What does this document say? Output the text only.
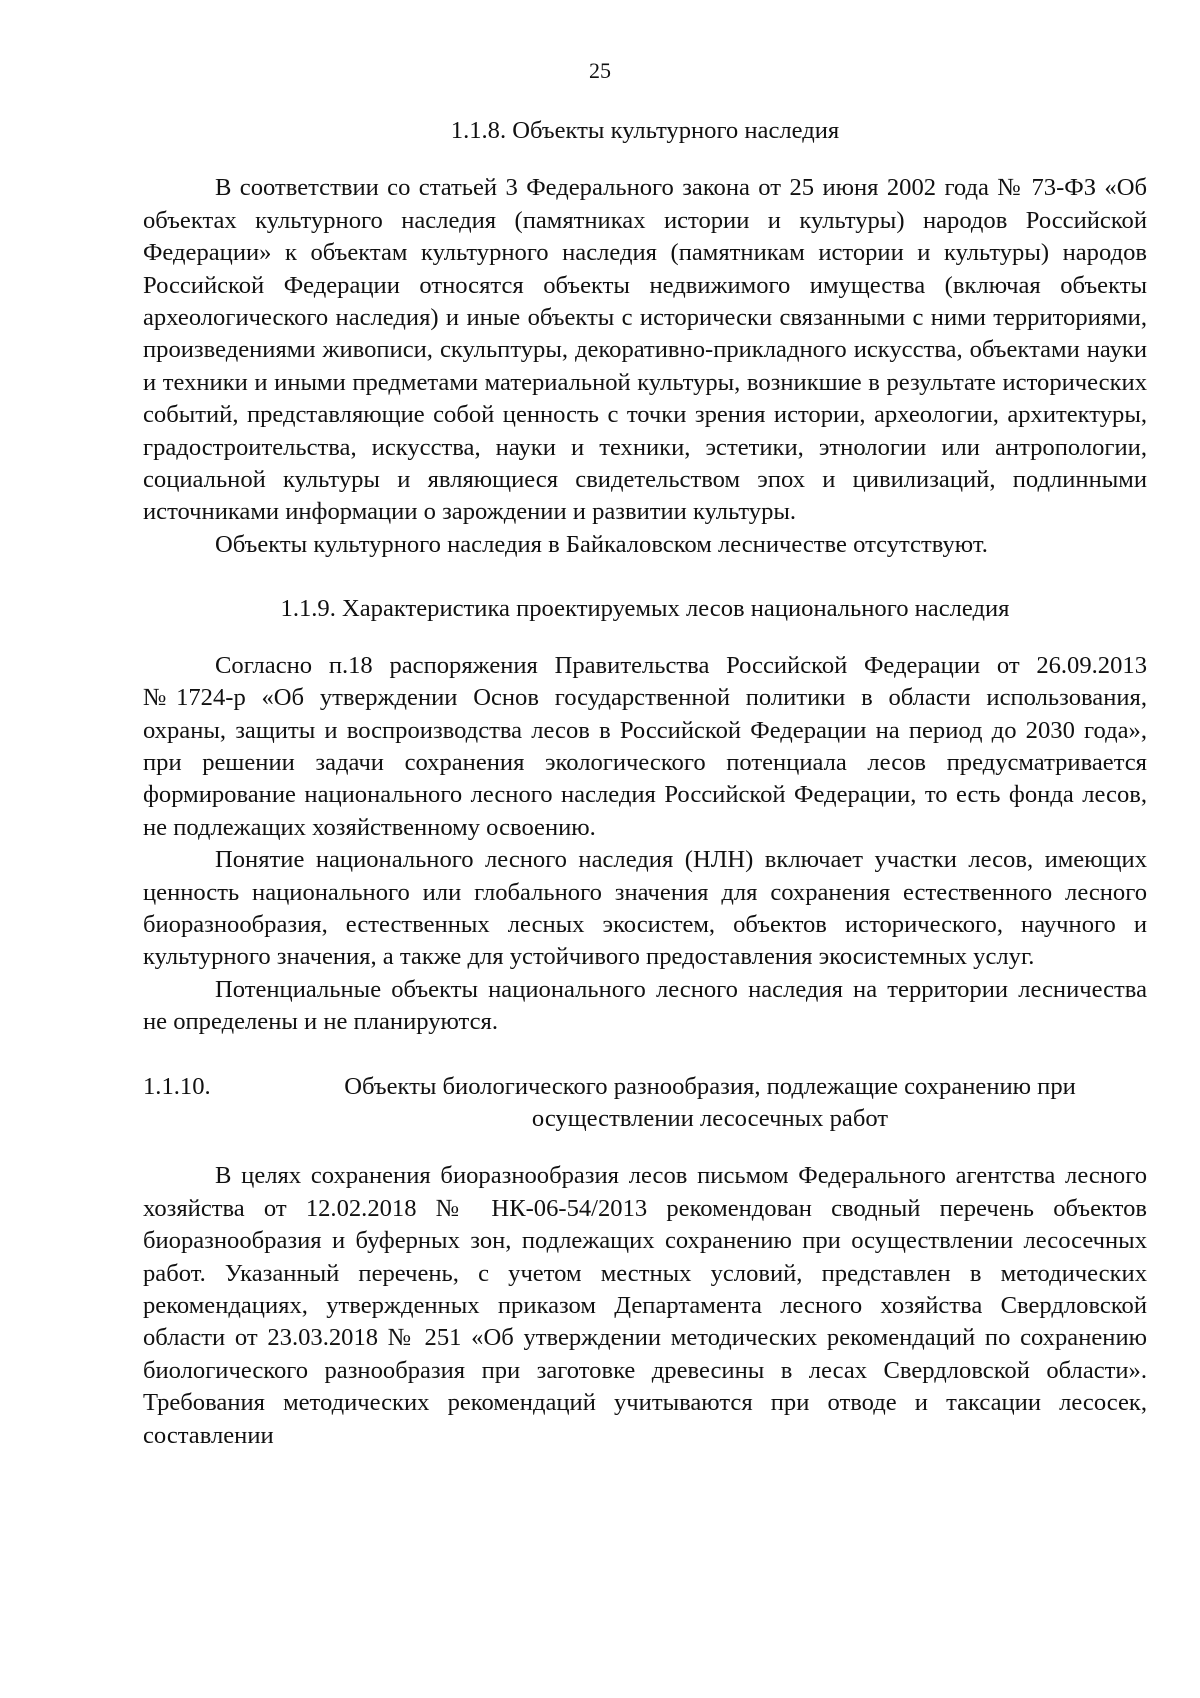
25

1.1.8. Объекты культурного наследия

В соответствии со статьей 3 Федерального закона от 25 июня 2002 года № 73-ФЗ «Об объектах культурного наследия (памятниках истории и культуры) народов Российской Федерации» к объектам культурного наследия (памятникам истории и культуры) народов Российской Федерации относятся объекты недвижимого имущества (включая объекты археологического наследия) и иные объекты с исторически связанными с ними территориями, произведениями живописи, скульптуры, декоративно-прикладного искусства, объектами науки и техники и иными предметами материальной культуры, возникшие в результате исторических событий, представляющие собой ценность с точки зрения истории, археологии, архитектуры, градостроительства, искусства, науки и техники, эстетики, этнологии или антропологии, социальной культуры и являющиеся свидетельством эпох и цивилизаций, подлинными источниками информации о зарождении и развитии культуры.

Объекты культурного наследия в Байкаловском лесничестве отсутствуют.

1.1.9. Характеристика проектируемых лесов национального наследия

Согласно п.18 распоряжения Правительства Российской Федерации от 26.09.2013 №1724-р «Об утверждении Основ государственной политики в области использования, охраны, защиты и воспроизводства лесов в Российской Федерации на период до 2030 года», при решении задачи сохранения экологического потенциала лесов предусматривается формирование национального лесного наследия Российской Федерации, то есть фонда лесов, не подлежащих хозяйственному освоению.

Понятие национального лесного наследия (НЛН) включает участки лесов, имеющих ценность национального или глобального значения для сохранения естественного лесного биоразнообразия, естественных лесных экосистем, объектов исторического, научного и культурного значения, а также для устойчивого предоставления экосистемных услуг.

Потенциальные объекты национального лесного наследия на территории лесничества не определены и не планируются.

1.1.10.	Объекты биологического разнообразия, подлежащие сохранению при
осуществлении лесосечных работ

В целях сохранения биоразнообразия лесов письмом Федерального агентства лесного хозяйства от 12.02.2018 № НК-06-54/2013 рекомендован сводный перечень объектов биоразнообразия и буферных зон, подлежащих сохранению при осуществлении лесосечных работ. Указанный перечень, с учетом местных условий, представлен в методических рекомендациях, утвержденных приказом Департамента лесного хозяйства Свердловской области от 23.03.2018 № 251 «Об утверждении методических рекомендаций по сохранению биологического разнообразия при заготовке древесины в лесах Свердловской области». Требования методических рекомендаций учитываются при отводе и таксации лесосек, составлении
